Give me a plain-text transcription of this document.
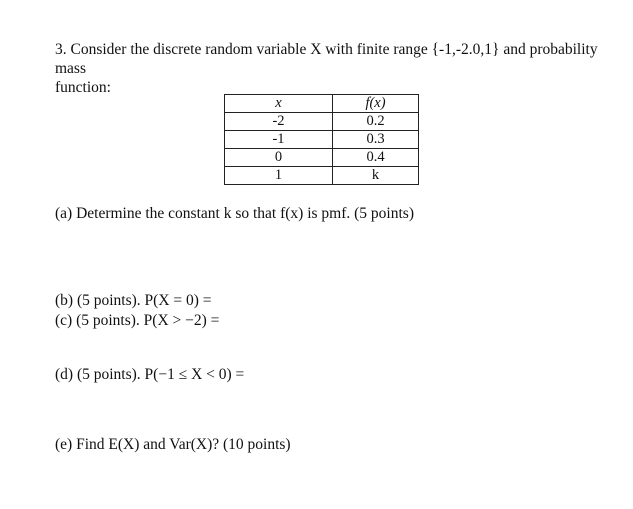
3. Consider the discrete random variable X with finite range {-1,-2.0,1} and probability mass
function:
x	f(x)
-2	0.2
-1	0.3
0	0.4
1	k
(a) Determine the constant k so that f(x) is pmf. (5 points)
(b) (5 points). P(X = 0) =
(c) (5 points). P(X > −2) =
(d) (5 points). P(−1 ≤ X < 0) =
(e) Find E(X) and Var(X)? (10 points)
